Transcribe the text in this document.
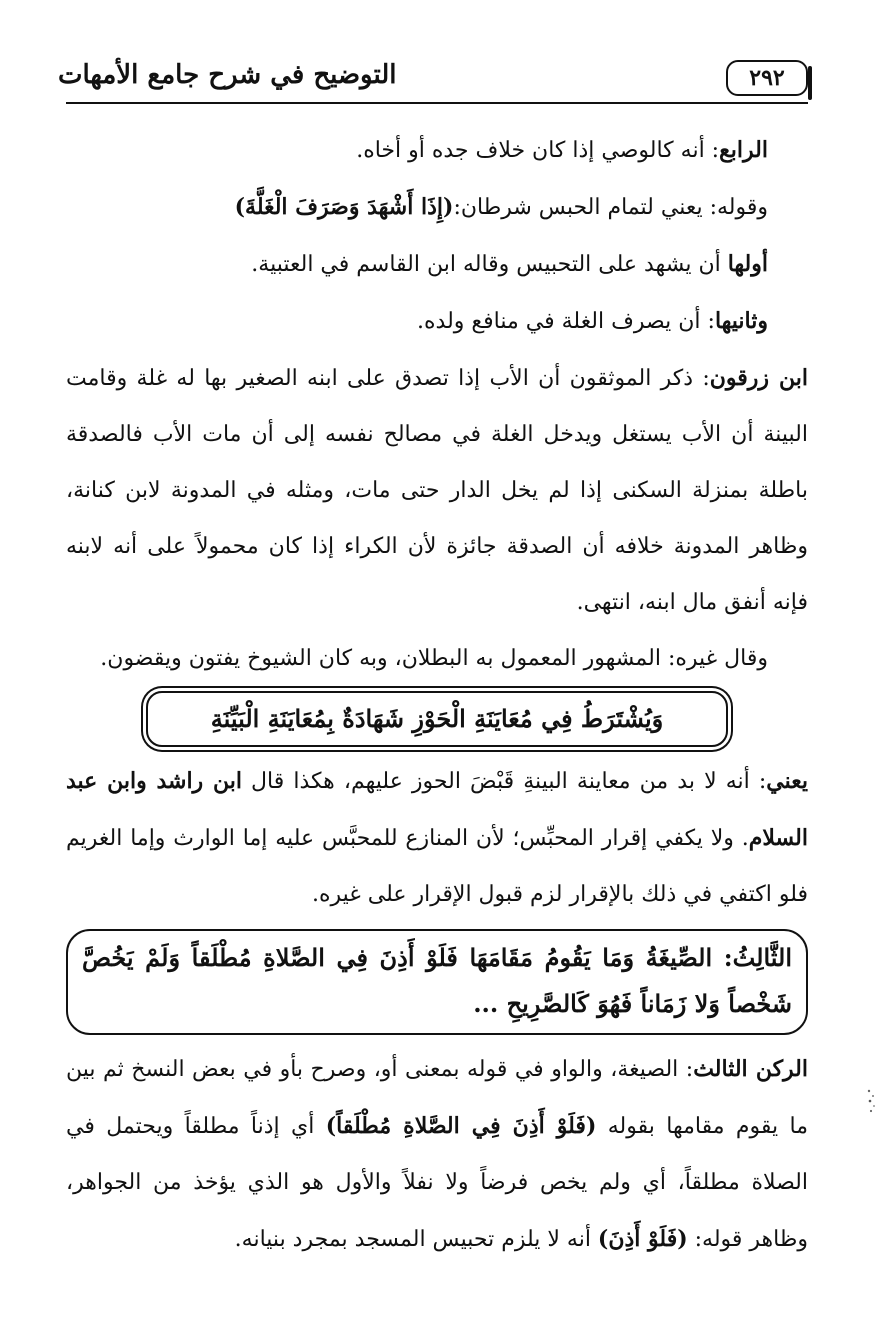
التوضيح في شرح جامع الأمهات	٢٩٢

الرابع: أنه كالوصي إذا كان خلاف جده أو أخاه.

وقوله: يعني لتمام الحبس شرطان:(إِذَا أَشْهَدَ وَصَرَفَ الْغَلَّةَ)

أولها أن يشهد على التحبيس وقاله ابن القاسم في العتبية.

وثانيها: أن يصرف الغلة في منافع ولده.

ابن زرقون: ذكر الموثقون أن الأب إذا تصدق على ابنه الصغير بها له غلة وقامت البينة أن الأب يستغل ويدخل الغلة في مصالح نفسه إلى أن مات الأب فالصدقة باطلة بمنزلة السكنى إذا لم يخل الدار حتى مات، ومثله في المدونة لابن كنانة، وظاهر المدونة خلافه أن الصدقة جائزة لأن الكراء إذا كان محمولاً على أنه لابنه فإنه أنفق مال ابنه، انتهى.

وقال غيره: المشهور المعمول به البطلان، وبه كان الشيوخ يفتون ويقضون.

وَيُشْتَرَطُ فِي مُعَايَنَةِ الْحَوْزِ شَهَادَةٌ بِمُعَايَنَةِ الْبَيِّنَةِ

يعني: أنه لا بد من معاينة البينةِ قَبْضَ الحوز عليهم، هكذا قال ابن راشد وابن عبد السلام. ولا يكفي إقرار المحبِّس؛ لأن المنازع للمحبَّس عليه إما الوارث وإما الغريم فلو اكتفي في ذلك بالإقرار لزم قبول الإقرار على غيره.

الثَّالِثُ: الصِّيغَةُ وَمَا يَقُومُ مَقَامَهَا فَلَوْ أَذِنَ فِي الصَّلاةِ مُطْلَقاً وَلَمْ يَخُصَّ شَخْصاً وَلا زَمَاناً فَهُوَ كَالصَّرِيحِ ...

الركن الثالث: الصيغة، والواو في قوله بمعنى أو، وصرح بأو في بعض النسخ ثم بين ما يقوم مقامها بقوله (فَلَوْ أَذِنَ فِي الصَّلاةِ مُطْلَقاً) أي إذناً مطلقاً ويحتمل في الصلاة مطلقاً، أي ولم يخص فرضاً ولا نفلاً والأول هو الذي يؤخذ من الجواهر، وظاهر قوله: (فَلَوْ أَذِنَ) أنه لا يلزم تحبيس المسجد بمجرد بنيانه.
